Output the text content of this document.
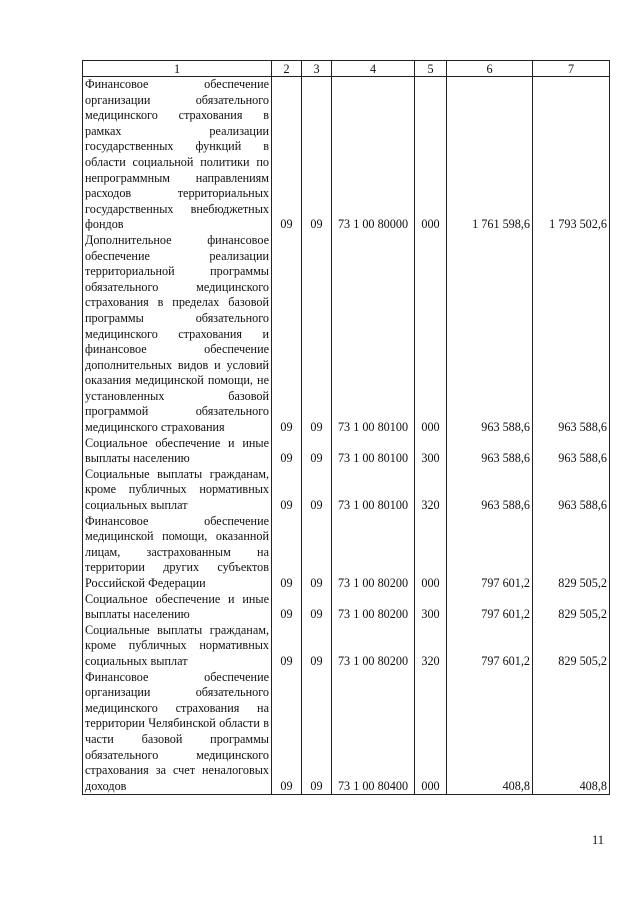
1	2	3	4	5	6	7
Финансовое обеспечение организации обязательного медицинского страхования в рамках реализации государственных функций в области социальной политики по непрограммным направлениям расходов территориальных государственных внебюджетных фондов	09	09	73 1 00 80000	000	1 761 598,6	1 793 502,6
Дополнительное финансовое обеспечение реализации территориальной программы обязательного медицинского страхования в пределах базовой программы обязательного медицинского страхования и финансовое обеспечение дополнительных видов и условий оказания медицинской помощи, не установленных базовой программой обязательного медицинского страхования	09	09	73 1 00 80100	000	963 588,6	963 588,6
Социальное обеспечение и иные выплаты населению	09	09	73 1 00 80100	300	963 588,6	963 588,6
Социальные выплаты гражданам, кроме публичных нормативных социальных выплат	09	09	73 1 00 80100	320	963 588,6	963 588,6
Финансовое обеспечение медицинской помощи, оказанной лицам, застрахованным на территории других субъектов Российской Федерации	09	09	73 1 00 80200	000	797 601,2	829 505,2
Социальное обеспечение и иные выплаты населению	09	09	73 1 00 80200	300	797 601,2	829 505,2
Социальные выплаты гражданам, кроме публичных нормативных социальных выплат	09	09	73 1 00 80200	320	797 601,2	829 505,2
Финансовое обеспечение организации обязательного медицинского страхования на территории Челябинской области в части базовой программы обязательного медицинского страхования за счет неналоговых доходов	09	09	73 1 00 80400	000	408,8	408,8
11
